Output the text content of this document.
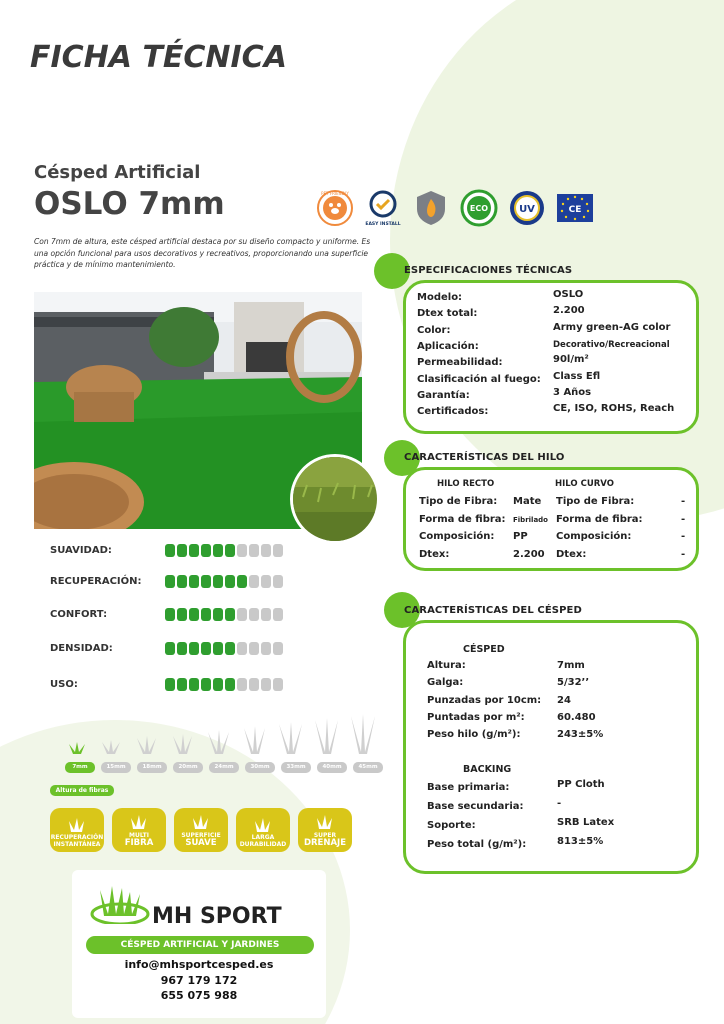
FICHA TÉCNICA
Césped Artificial
OSLO 7mm
Con 7mm de altura, este césped artificial destaca por su diseño compacto y uniforme. Es una opción funcional para usos decorativos y recreativos, proporcionando una superficie práctica y de mínimo mantenimiento.
PET FRIENDLY
EASY INSTALL
ECO	UV	CE
SUAVIDAD:
RECUPERACIÓN:
CONFORT:
DENSIDAD:
USO:
7mm	15mm	18mm	20mm	24mm	30mm	33mm	40mm	45mm
Altura de fibras
RECUPERACIÓN INSTANTÁNEA
MULTI
FIBRA
SUPERFICIE
SUAVE
LARGA DURABILIDAD
SUPER
DRENAJE
ESPECIFICACIONES TÉCNICAS
Modelo:	OSLO
Dtex total:	2.200
Color:	Army green-AG color
Aplicación:	Decorativo/Recreacional
Permeabilidad:	90l/m²
Clasificación al fuego: Class Efl
Garantía:	3 Años
Certificados:	CE, ISO, ROHS, Reach
CARACTERÍSTICAS DEL HILO
HILO RECTO	HILO CURVO
Tipo de Fibra: Mate
Forma de fibra: Fibrilado
Composición: PP
Dtex:	2.200
Tipo de Fibra:	-
Forma de fibra:	-
Composición:	-
Dtex:	-
CARACTERÍSTICAS DEL CÉSPED
CÉSPED
BACKING
Altura:	7mm
Galga:	5/32’’
Punzadas por 10cm: 24
Puntadas por m²:	60.480
Peso hilo (g/m²):	243±5%
Base primaria:	PP Cloth
Base secundaria:	-
Soporte:	SRB Latex
Peso total (g/m²):	813±5%
MH SPORT
CÉSPED ARTIFICIAL Y JARDINES
info@mhsportcesped.es
967 179 172
655 075 988
